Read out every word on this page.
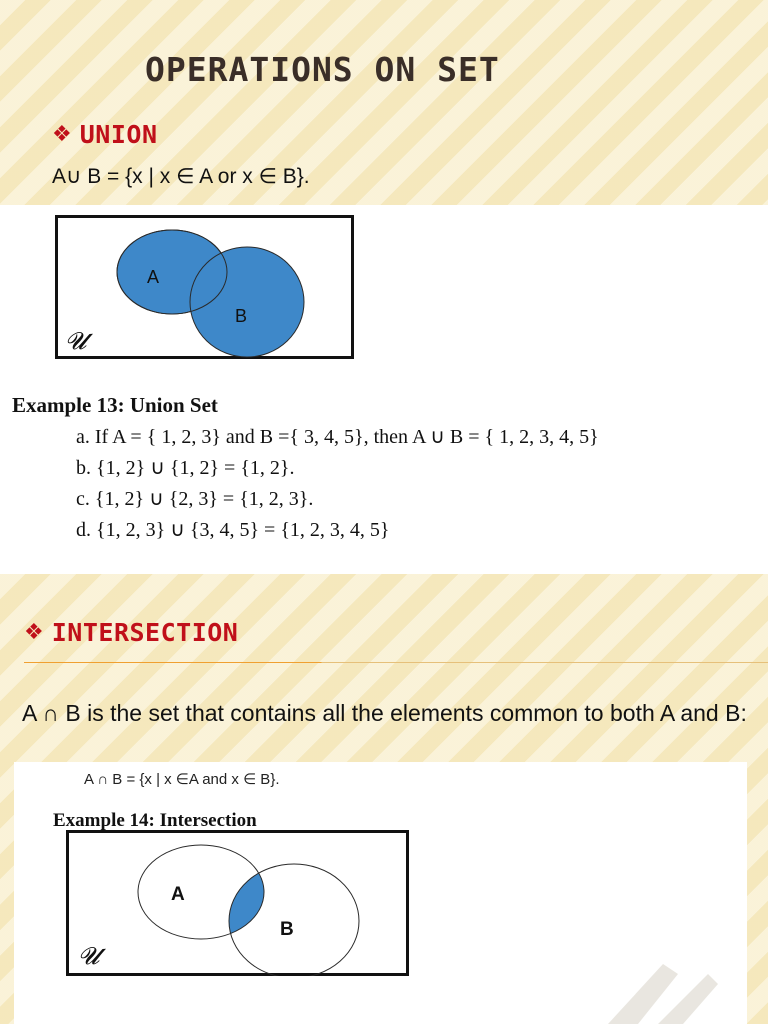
OPERATIONS ON SET
❖ UNION
A∪ B = {x | x ∈ A or x ∈ B}.
A
B
𝓤
Example 13: Union Set
a. If A = { 1, 2, 3} and B ={ 3, 4, 5}, then A ∪ B = { 1, 2, 3, 4, 5}
b. {1, 2} ∪ {1, 2} = {1, 2}.
c. {1, 2} ∪ {2, 3} = {1, 2, 3}.
d. {1, 2, 3} ∪ {3, 4, 5} = {1, 2, 3, 4, 5}
❖ INTERSECTION
A ∩ B is the set that contains all the elements common to both A and B:
A ∩ B = {x | x ∈A and x ∈ B}.
A
B
𝓤
Example 14: Intersection
